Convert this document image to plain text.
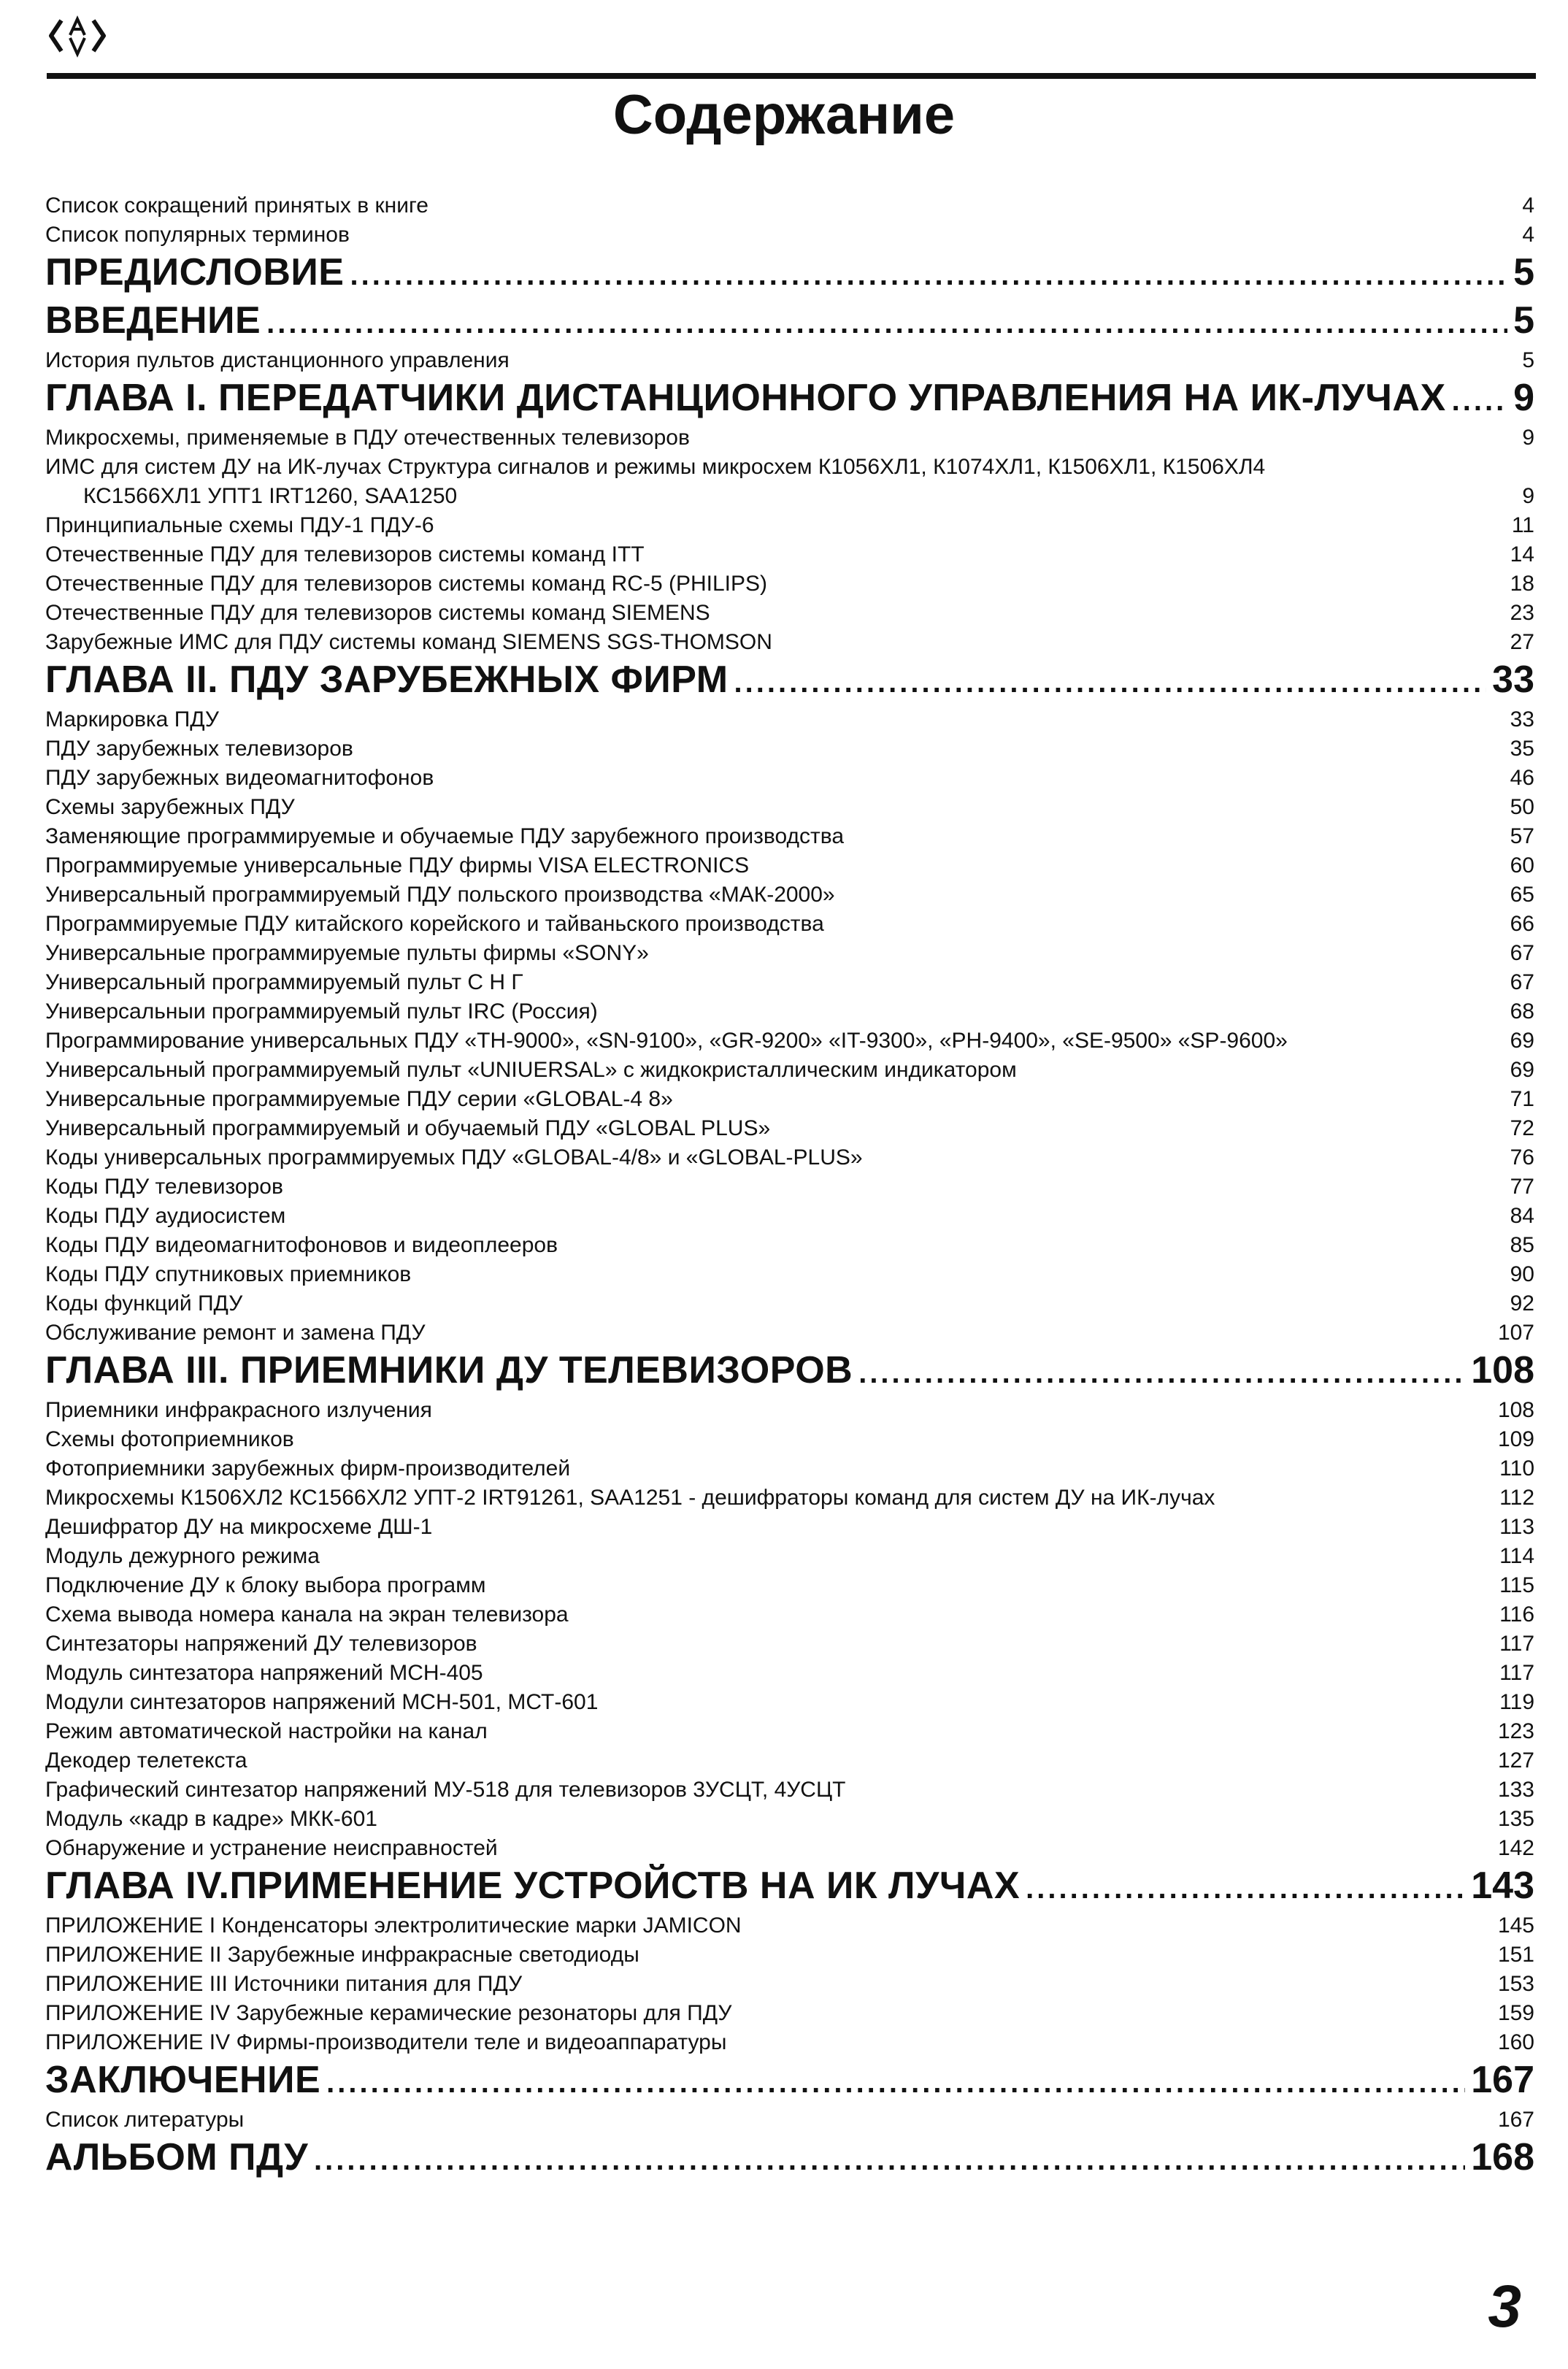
Содержание
Список сокращений принятых в книге	4
Список популярных терминов	4
ПРЕДИСЛОВИЕ .....	5
ВВЕДЕНИЕ .....	5
История пультов дистанционного управления	5
ГЛАВА I. ПЕРЕДАТЧИКИ ДИСТАНЦИОННОГО УПРАВЛЕНИЯ НА ИК-ЛУЧАХ ..... 9
Микросхемы, применяемые в ПДУ отечественных телевизоров	9
ИМС для систем ДУ на ИК-лучах Структура сигналов и режимы микросхем К1056ХЛ1, К1074ХЛ1, К1506ХЛ1, К1506ХЛ4
КС1566ХЛ1 УПТ1 IRT1260, SAA1250	9
Принципиальные схемы ПДУ-1 ПДУ-6	11
Отечественные ПДУ для телевизоров системы команд ITT	14
Отечественные ПДУ для телевизоров системы команд RC-5 (PHILIPS)	18
Отечественные ПДУ для телевизоров системы команд SIEMENS	23
Зарубежные ИМС для ПДУ системы команд SIEMENS SGS-THOMSON	27
ГЛАВА II. ПДУ ЗАРУБЕЖНЫХ ФИРМ .....	33
Маркировка ПДУ	33
ПДУ зарубежных телевизоров	35
ПДУ зарубежных видеомагнитофонов	46
Схемы зарубежных ПДУ	50
Заменяющие программируемые и обучаемые ПДУ зарубежного производства	57
Программируемые универсальные ПДУ фирмы VISA ELECTRONICS	60
Универсальный программируемый ПДУ польского производства «МАК-2000»	65
Программируемые ПДУ китайского корейского и тайваньского производства	66
Универсальные программируемые пульты фирмы «SONY»	67
Универсальный программируемый пульт С Н Г	67
Универсальныи программируемый пульт IRC (Россия)	68
Программирование универсальных ПДУ «TH-9000», «SN-9100», «GR-9200» «IT-9300», «PH-9400», «SE-9500» «SP-9600»	69
Универсальный программируемый пульт «UNIUERSAL» с жидкокристаллическим индикатором	69
Универсальные программируемые ПДУ серии «GLOBAL-4 8»	71
Универсальный программируемый и обучаемый ПДУ «GLOBAL PLUS»	72
Коды универсальных программируемых ПДУ «GLOBAL-4/8» и «GLOBAL-PLUS»	76
Коды ПДУ телевизоров	77
Коды ПДУ аудиосистем	84
Коды ПДУ видеомагнитофоновов и видеоплееров	85
Коды ПДУ спутниковых приемников	90
Коды функций ПДУ	92
Обслуживание ремонт и замена ПДУ	107
ГЛАВА III. ПРИЕМНИКИ ДУ ТЕЛЕВИЗОРОВ .....	108
Приемники инфракрасного излучения	108
Схемы фотоприемников	109
Фотоприемники зарубежных фирм-производителей	110
Микросхемы К1506ХЛ2 КС1566ХЛ2 УПТ-2 IRT91261, SAA1251 - дешифраторы команд для систем ДУ на ИК-лучах	112
Дешифратор ДУ на микросхеме ДШ-1	113
Модуль дежурного режима	114
Подключение ДУ к блоку выбора программ	115
Схема вывода номера канала на экран телевизора	116
Синтезаторы напряжений ДУ телевизоров	117
Модуль синтезатора напряжений МСН-405	117
Модули синтезаторов напряжений МСН-501, МСТ-601	119
Режим автоматической настройки на канал	123
Декодер телетекста	127
Графический синтезатор напряжений МУ-518 для телевизоров 3УСЦТ, 4УСЦТ	133
Модуль «кадр в кадре» МКК-601	135
Обнаружение и устранение неисправностей	142
ГЛАВА IV.ПРИМЕНЕНИЕ УСТРОЙСТВ НА ИК ЛУЧАХ .....	143
ПРИЛОЖЕНИЕ I Конденсаторы электролитические марки JAMICON	145
ПРИЛОЖЕНИЕ II Зарубежные инфракрасные светодиоды	151
ПРИЛОЖЕНИЕ III Источники питания для ПДУ	153
ПРИЛОЖЕНИЕ IV Зарубежные керамические резонаторы для ПДУ	159
ПРИЛОЖЕНИЕ IV Фирмы-производители теле и видеоаппаратуры	160
ЗАКЛЮЧЕНИЕ .....	167
Список литературы	167
АЛЬБОМ ПДУ .....	168
3
